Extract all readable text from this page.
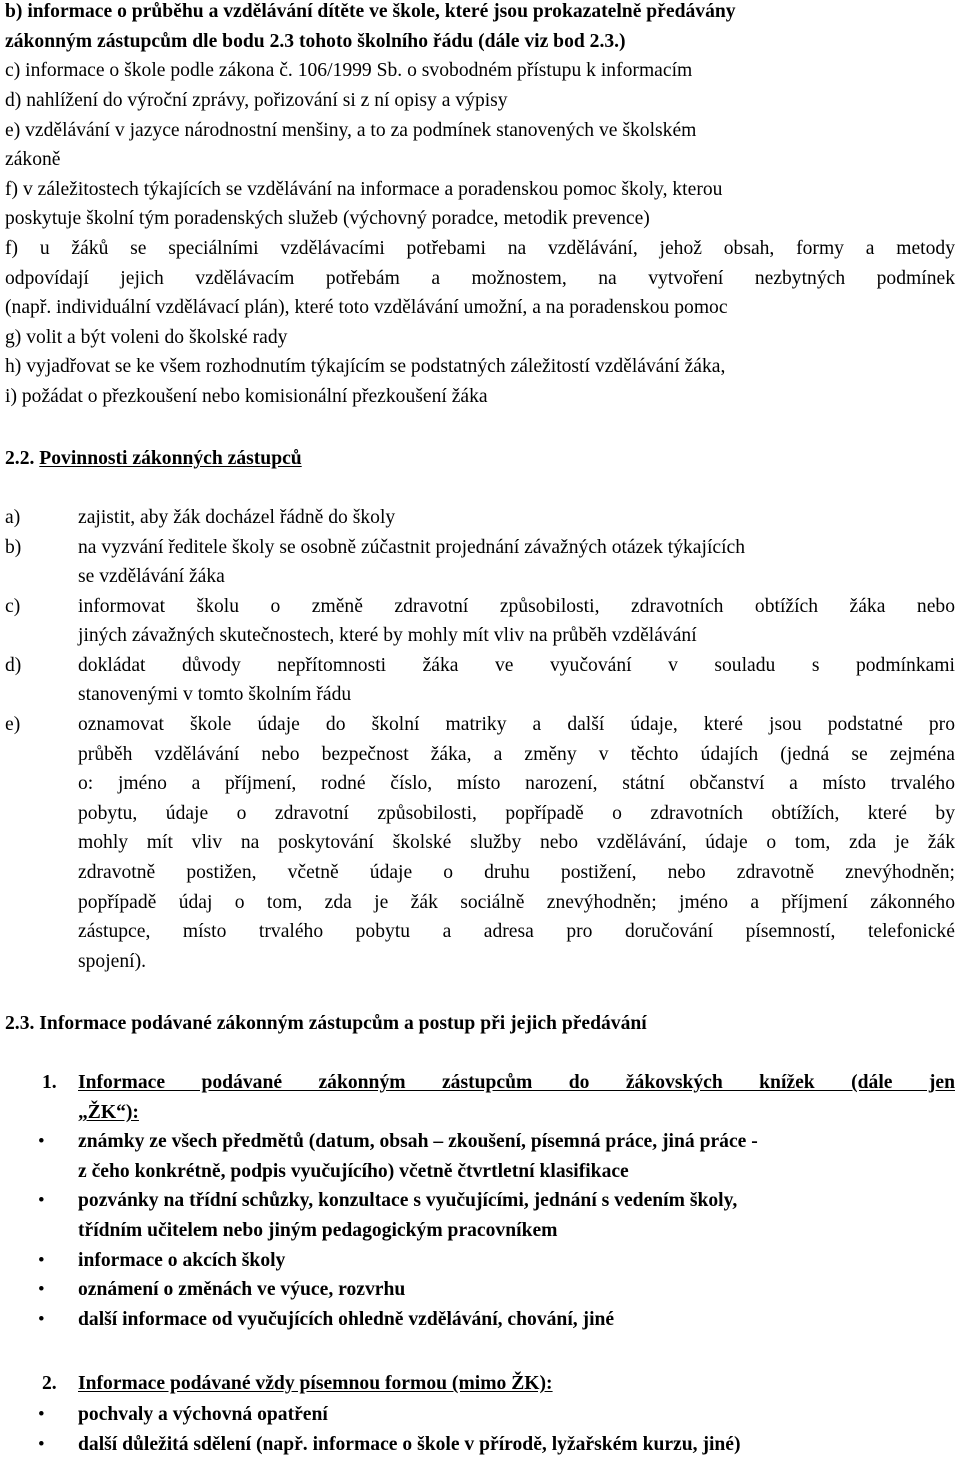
b) informace o průběhu a vzdělávání dítěte ve škole, které jsou prokazatelně předávány
zákonným zástupcům dle bodu 2.3 tohoto školního řádu (dále viz bod 2.3.)
c) informace o škole podle zákona č. 106/1999 Sb. o svobodném přístupu k informacím
d) nahlížení do výroční zprávy, pořizování si z ní opisy a výpisy
e) vzdělávání v jazyce národnostní menšiny, a to za podmínek stanovených ve školském
zákoně
f) v záležitostech týkajících se vzdělávání na informace a poradenskou pomoc školy, kterou
poskytuje školní tým poradenských služeb (výchovný poradce, metodik prevence)
f) u žáků se speciálními vzdělávacími potřebami na vzdělávání, jehož obsah, formy a metody
odpovídají jejich vzdělávacím potřebám a možnostem, na vytvoření nezbytných podmínek
(např. individuální vzdělávací plán), které toto vzdělávání umožní, a na poradenskou pomoc
g) volit a být voleni do školské rady
h) vyjadřovat se ke všem rozhodnutím týkajícím se podstatných záležitostí vzdělávání žáka,
i) požádat o přezkoušení nebo komisionální přezkoušení žáka
2.2. Povinnosti zákonných zástupců
a)	zajistit, aby žák docházel řádně do školy
b)	na vyzvání ředitele školy se osobně zúčastnit projednání závažných otázek týkajících
se vzdělávání žáka
c)	informovat školu o změně zdravotní způsobilosti, zdravotních obtížích žáka nebo
jiných závažných skutečnostech, které by mohly mít vliv na průběh vzdělávání
d)	dokládat důvody nepřítomnosti žáka ve vyučování v souladu s podmínkami
stanovenými v tomto školním řádu
e)	oznamovat škole údaje do školní matriky a další údaje, které jsou podstatné pro
průběh vzdělávání nebo bezpečnost žáka, a změny v těchto údajích (jedná se zejména
o: jméno a příjmení, rodné číslo, místo narození, státní občanství a místo trvalého
pobytu, údaje o zdravotní způsobilosti, popřípadě o zdravotních obtížích, které by
mohly mít vliv na poskytování školské služby nebo vzdělávání, údaje o tom, zda je žák
zdravotně postižen, včetně údaje o druhu postižení, nebo zdravotně znevýhodněn;
popřípadě údaj o tom, zda je žák sociálně znevýhodněn; jméno a příjmení zákonného
zástupce, místo trvalého pobytu a adresa pro doručování písemností, telefonické
spojení).
2.3. Informace podávané zákonným zástupcům a postup při jejich předávání
1. Informace podávané zákonným zástupcům do žákovských knížek (dále jen
„ŽK“):
• známky ze všech předmětů (datum, obsah – zkoušení, písemná práce, jiná práce -
z čeho konkrétně, podpis vyučujícího) včetně čtvrtletní klasifikace
• pozvánky na třídní schůzky, konzultace s vyučujícími, jednání s vedením školy,
třídním učitelem nebo jiným pedagogickým pracovníkem
• informace o akcích školy
• oznámení o změnách ve výuce, rozvrhu
• další informace od vyučujících ohledně vzdělávání, chování, jiné
2. Informace podávané vždy písemnou formou (mimo ŽK):
• pochvaly a výchovná opatření
• další důležitá sdělení (např. informace o škole v přírodě, lyžařském kurzu, jiné)
